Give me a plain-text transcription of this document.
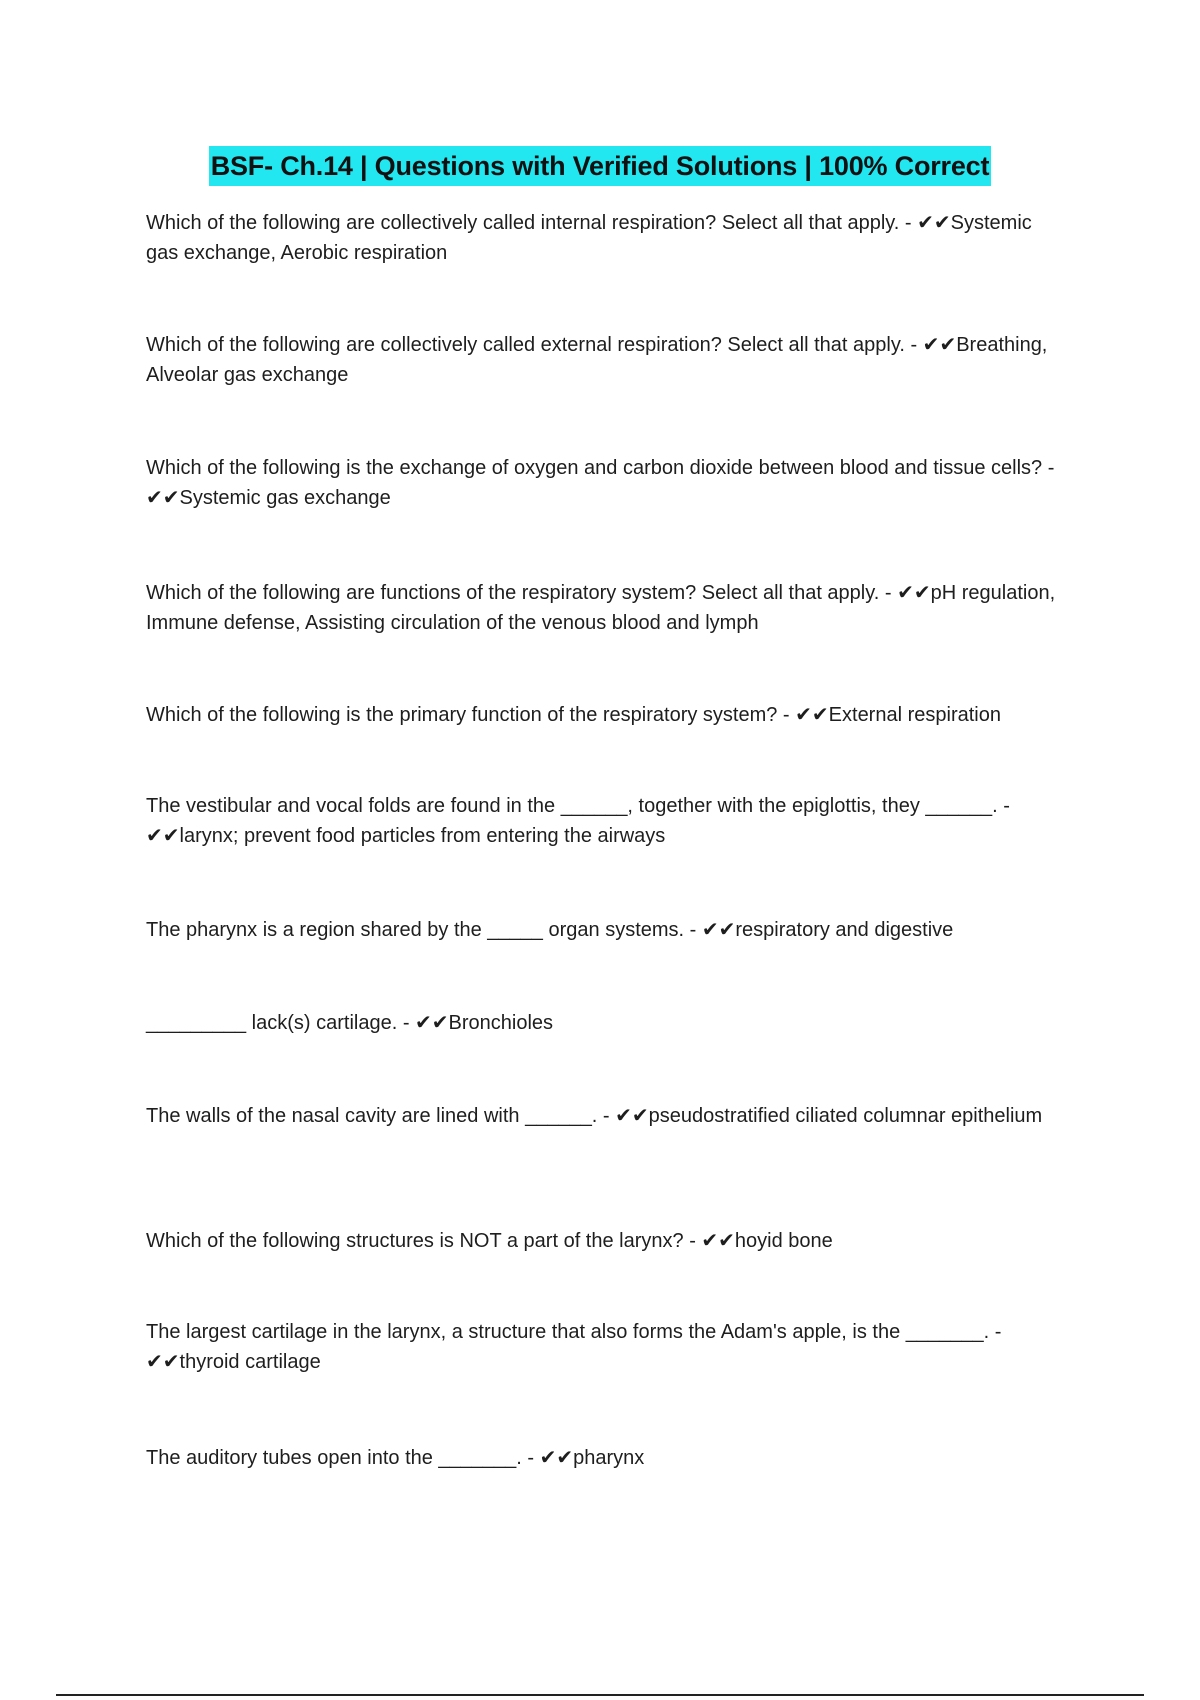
BSF- Ch.14 | Questions with Verified Solutions | 100% Correct
Which of the following are collectively called internal respiration? Select all that apply. - ✔✔Systemic gas exchange, Aerobic respiration
Which of the following are collectively called external respiration? Select all that apply. - ✔✔Breathing, Alveolar gas exchange
Which of the following is the exchange of oxygen and carbon dioxide between blood and tissue cells? - ✔✔Systemic gas exchange
Which of the following are functions of the respiratory system? Select all that apply. - ✔✔pH regulation, Immune defense, Assisting circulation of the venous blood and lymph
Which of the following is the primary function of the respiratory system? - ✔✔External respiration
The vestibular and vocal folds are found in the ______, together with the epiglottis, they ______. - ✔✔larynx; prevent food particles from entering the airways
The pharynx is a region shared by the _____ organ systems. - ✔✔respiratory and digestive
_________ lack(s) cartilage. - ✔✔Bronchioles
The walls of the nasal cavity are lined with ______. - ✔✔pseudostratified ciliated columnar epithelium
Which of the following structures is NOT a part of the larynx? - ✔✔hoyid bone
The largest cartilage in the larynx, a structure that also forms the Adam's apple, is the _______. - ✔✔thyroid cartilage
The auditory tubes open into the _______. - ✔✔pharynx
